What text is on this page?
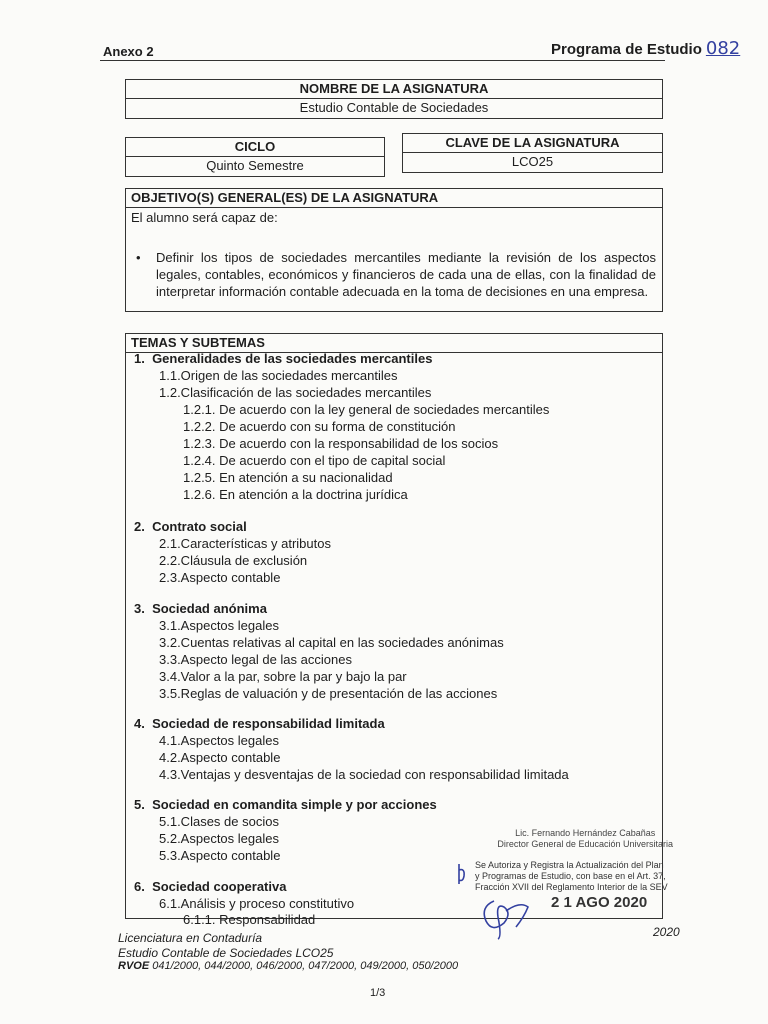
Anexo 2	Programa de Estudio 082
NOMBRE DE LA ASIGNATURA
Estudio Contable de Sociedades
CICLO
Quinto Semestre
CLAVE DE LA ASIGNATURA
LCO25
OBJETIVO(S) GENERAL(ES) DE LA ASIGNATURA
El alumno será capaz de:
• Definir los tipos de sociedades mercantiles mediante la revisión de los aspectos legales, contables, económicos y financieros de cada una de ellas, con la finalidad de interpretar información contable adecuada en la toma de decisiones en una empresa.
TEMAS Y SUBTEMAS
1.  Generalidades de las sociedades mercantiles
1.1.Origen de las sociedades mercantiles
1.2.Clasificación de las sociedades mercantiles
1.2.1. De acuerdo con la ley general de sociedades mercantiles
1.2.2. De acuerdo con su forma de constitución
1.2.3. De acuerdo con la responsabilidad de los socios
1.2.4. De acuerdo con el tipo de capital social
1.2.5. En atención a su nacionalidad
1.2.6. En atención a la doctrina jurídica
2.  Contrato social
2.1.Características y atributos
2.2.Cláusula de exclusión
2.3.Aspecto contable
3.  Sociedad anónima
3.1.Aspectos legales
3.2.Cuentas relativas al capital en las sociedades anónimas
3.3.Aspecto legal de las acciones
3.4.Valor a la par, sobre la par y bajo la par
3.5.Reglas de valuación y de presentación de las acciones
4.  Sociedad de responsabilidad limitada
4.1.Aspectos legales
4.2.Aspecto contable
4.3.Ventajas y desventajas de la sociedad con responsabilidad limitada
5.  Sociedad en comandita simple y por acciones
5.1.Clases de socios
5.2.Aspectos legales
5.3.Aspecto contable
6.  Sociedad cooperativa
6.1.Análisis y proceso constitutivo
6.1.1. Responsabilidad
Lic. Fernando Hernández Cabañas
Director General de Educación Universitaria
Se Autoriza y Registra la Actualización del Plan
y Programas de Estudio, con base en el Art. 37,
Fracción XVII del Reglamento Interior de la SEV
2 1 AGO 2020
Licenciatura en Contaduría
Estudio Contable de Sociedades LCO25
RVOE 041/2000, 044/2000, 046/2000, 047/2000, 049/2000, 050/2000
2020
1/3
